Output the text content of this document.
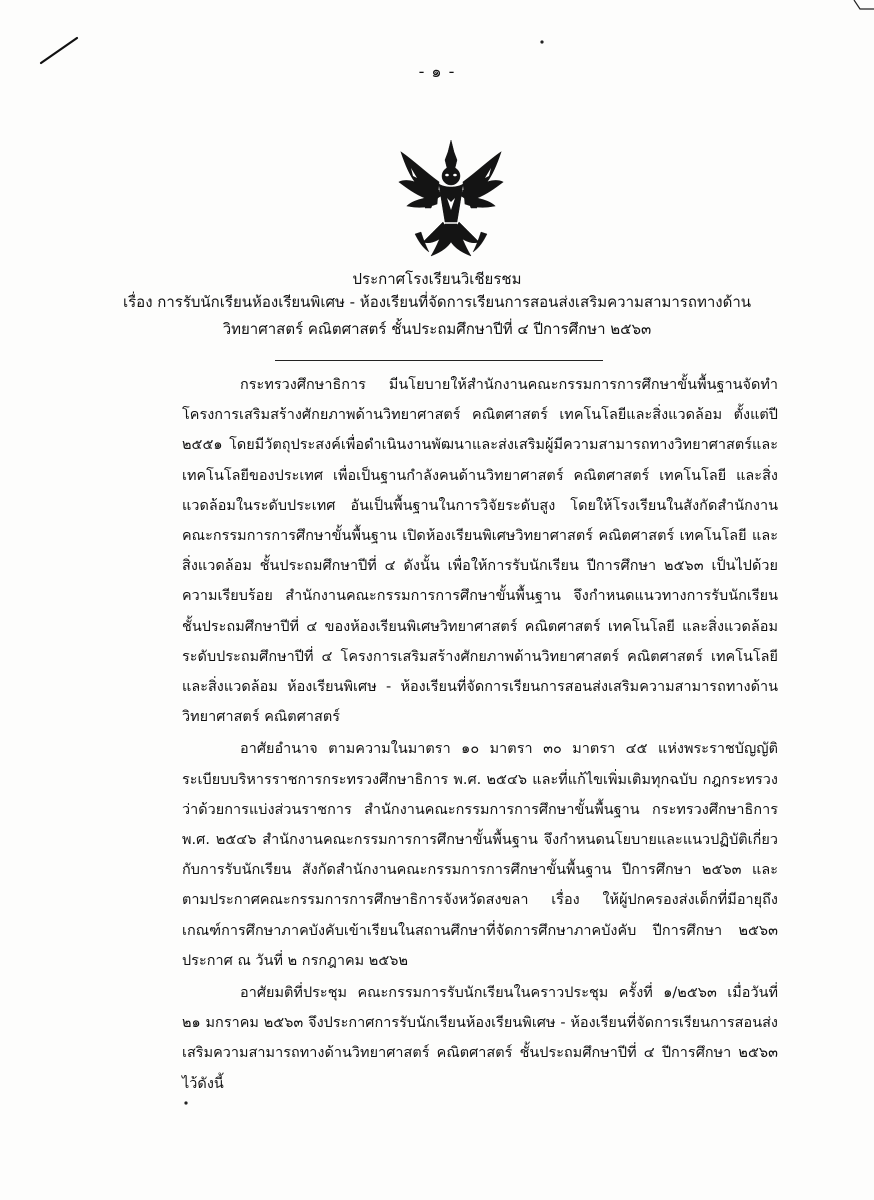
- ๑ -
ประกาศโรงเรียนวิเชียรชม
เรื่อง การรับนักเรียนห้องเรียนพิเศษ - ห้องเรียนที่จัดการเรียนการสอนส่งเสริมความสามารถทางด้าน
วิทยาศาสตร์ คณิตศาสตร์ ชั้นประถมศึกษาปีที่ ๔ ปีการศึกษา ๒๕๖๓

กระทรวงศึกษาธิการ มีนโยบายให้สำนักงานคณะกรรมการการศึกษาขั้นพื้นฐานจัดทำโครงการเสริมสร้างศักยภาพด้านวิทยาศาสตร์ คณิตศาสตร์ เทคโนโลยีและสิ่งแวดล้อม ตั้งแต่ปี ๒๕๕๑ โดยมีวัตถุประสงค์เพื่อดำเนินงานพัฒนาและส่งเสริมผู้มีความสามารถทางวิทยาศาสตร์และเทคโนโลยีของประเทศ เพื่อเป็นฐานกำลังคนด้านวิทยาศาสตร์ คณิตศาสตร์ เทคโนโลยี และสิ่งแวดล้อมในระดับประเทศ อันเป็นพื้นฐานในการวิจัยระดับสูง โดยให้โรงเรียนในสังกัดสำนักงานคณะกรรมการการศึกษาขั้นพื้นฐาน เปิดห้องเรียนพิเศษวิทยาศาสตร์ คณิตศาสตร์ เทคโนโลยี และสิ่งแวดล้อม ชั้นประถมศึกษาปีที่ ๔ ดังนั้น เพื่อให้การรับนักเรียน ปีการศึกษา ๒๕๖๓ เป็นไปด้วยความเรียบร้อย สำนักงานคณะกรรมการการศึกษาขั้นพื้นฐาน จึงกำหนดแนวทางการรับนักเรียนชั้นประถมศึกษาปีที่ ๔ ของห้องเรียนพิเศษวิทยาศาสตร์ คณิตศาสตร์ เทคโนโลยี และสิ่งแวดล้อม ระดับประถมศึกษาปีที่ ๔ โครงการเสริมสร้างศักยภาพด้านวิทยาศาสตร์ คณิตศาสตร์ เทคโนโลยี และสิ่งแวดล้อม ห้องเรียนพิเศษ - ห้องเรียนที่จัดการเรียนการสอนส่งเสริมความสามารถทางด้านวิทยาศาสตร์ คณิตศาสตร์

อาศัยอำนาจ ตามความในมาตรา ๑๐ มาตรา ๓๐ มาตรา ๔๕ แห่งพระราชบัญญัติระเบียบบริหารราชการกระทรวงศึกษาธิการ พ.ศ. ๒๕๔๖ และที่แก้ไขเพิ่มเติมทุกฉบับ กฎกระทรวงว่าด้วยการแบ่งส่วนราชการ สำนักงานคณะกรรมการการศึกษาขั้นพื้นฐาน กระทรวงศึกษาธิการ พ.ศ. ๒๕๔๖ สำนักงานคณะกรรมการการศึกษาขั้นพื้นฐาน จึงกำหนดนโยบายและแนวปฏิบัติเกี่ยวกับการรับนักเรียน สังกัดสำนักงานคณะกรรมการการศึกษาขั้นพื้นฐาน ปีการศึกษา ๒๕๖๓ และตามประกาศคณะกรรมการการศึกษาธิการจังหวัดสงขลา เรื่อง ให้ผู้ปกครองส่งเด็กที่มีอายุถึงเกณฑ์การศึกษาภาคบังคับเข้าเรียนในสถานศึกษาที่จัดการศึกษาภาคบังคับ ปีการศึกษา ๒๕๖๓ ประกาศ ณ วันที่ ๒ กรกฎาคม ๒๕๖๒

อาศัยมติที่ประชุม คณะกรรมการรับนักเรียนในคราวประชุม ครั้งที่ ๑/๒๕๖๓ เมื่อวันที่ ๒๑ มกราคม ๒๕๖๓ จึงประกาศการรับนักเรียนห้องเรียนพิเศษ - ห้องเรียนที่จัดการเรียนการสอนส่งเสริมความสามารถทางด้านวิทยาศาสตร์ คณิตศาสตร์ ชั้นประถมศึกษาปีที่ ๔ ปีการศึกษา ๒๕๖๓ ไว้ดังนี้
